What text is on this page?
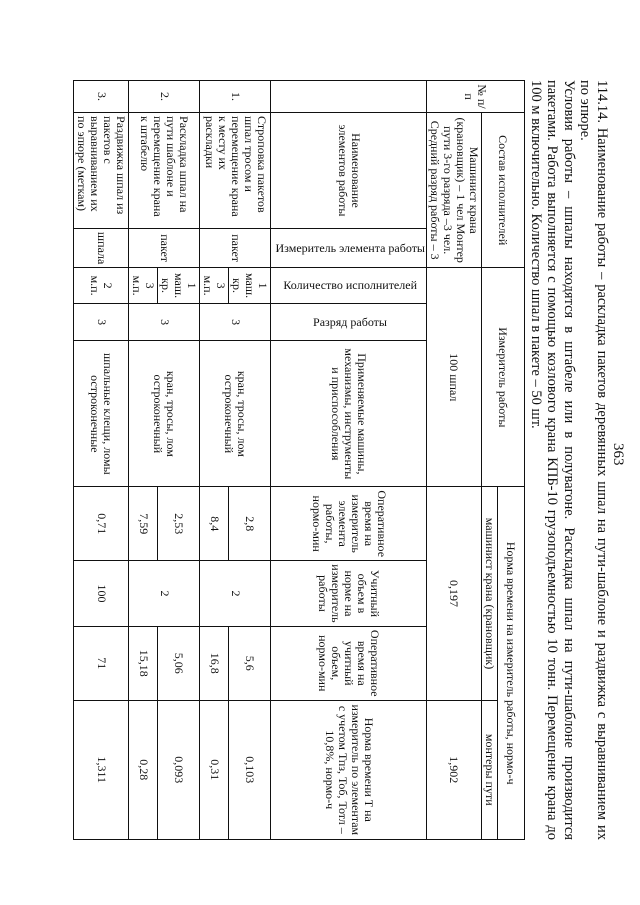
363

114.14. Наименование работы – раскладка пакетов деревянных шпал на пути-шаблоне и раздвижка с выравниванием их по эпюре.

Условия работы – шпалы находятся в штабеле или в полувагоне. Раскладка шпал на пути-шаблоне производится пакетами. Работа выполняется с помощью козлового крана КПБ-10 грузоподъемностью 10 тонн. Перемещение крана до 100 м включительно. Количество шпал в пакете – 50 шт.

№ п/п	Состав исполнителей		Измеритель работы			Норма времени на измеритель работы, нормо-ч			
						машинист крана (крановщик)			монтеры пути
	Машинист крана (крановщик) – 1 чел Монтер пути 3-го разряда –3 чел.
Средний разряд работы – 3		100 шпал			0,197			1,902
	Наименование элементов работы	Измеритель элемента работы	Количество исполнителей	Разряд работы	Применяемые машины, механизмы, инструменты и приспособления	Оперативное время на измеритель элемента работы, нормо-мин	Учитный объем в норме на измеритель работы	Оперативное время на учитный объем, нормо-мин	Норма времени Т на измеритель по элементам с учетом Тпз, Тоб, Тотл – 10,8%, нормо-ч
1.	Строповка пакетов шпал тросом и перемещение крана к месту их раскладки	пакет	1 маш. кр.	3	кран, тросы, лом остроконечный	2,8	2	5,6	0,103
			3 м.п.			8,4		16,8	0,31
2.	Раскладка шпал на пути шаблоне и перемещение крана к штабелю	пакет	1 маш. кр.	3	кран, тросы, лом остроконечный	2,53	2	5,06	0,093
			3 м.п.			7,59		15,18	0,28
3.	Раздвижка шпал из пакетов с выравниванием их по эпюре (меткам)	шпала	2 м.п.	3	шпальные клещи, ломы остроконечные	0,71	100	71	1,311
